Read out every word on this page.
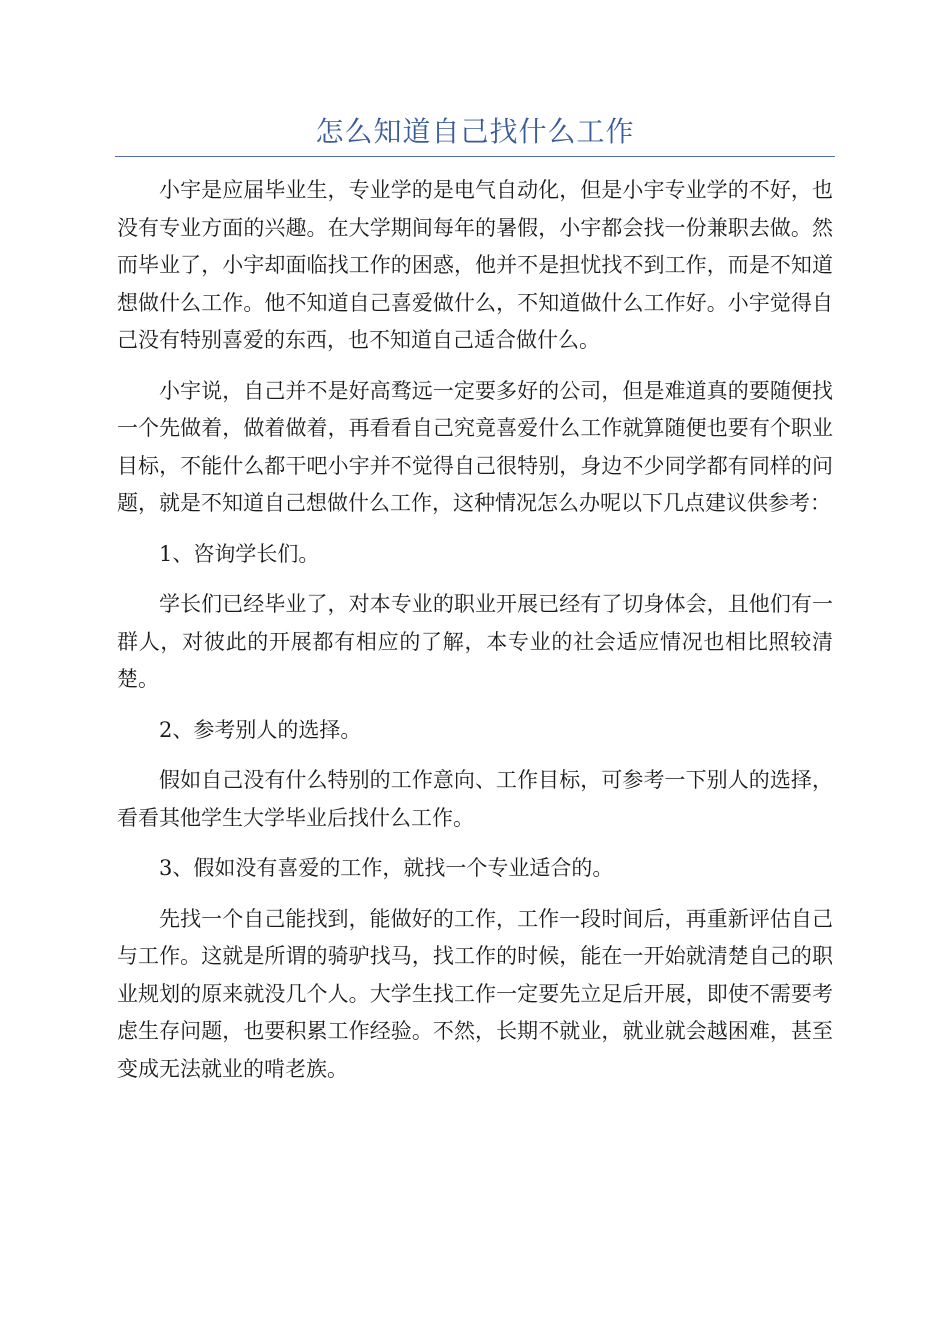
怎么知道自己找什么工作

小宇是应届毕业生，专业学的是电气自动化，但是小宇专业学的不好，也没有专业方面的兴趣。在大学期间每年的暑假，小宇都会找一份兼职去做。然而毕业了，小宇却面临找工作的困惑，他并不是担忧找不到工作，而是不知道想做什么工作。他不知道自己喜爱做什么，不知道做什么工作好。小宇觉得自己没有特别喜爱的东西，也不知道自己适合做什么。

小宇说，自己并不是好高骛远一定要多好的公司，但是难道真的要随便找一个先做着，做着做着，再看看自己究竟喜爱什么工作就算随便也要有个职业目标，不能什么都干吧小宇并不觉得自己很特别，身边不少同学都有同样的问题，就是不知道自己想做什么工作，这种情况怎么办呢以下几点建议供参考：

1、咨询学长们。

学长们已经毕业了，对本专业的职业开展已经有了切身体会，且他们有一群人，对彼此的开展都有相应的了解，本专业的社会适应情况也相比照较清楚。

2、参考别人的选择。

假如自己没有什么特别的工作意向、工作目标，可参考一下别人的选择，看看其他学生大学毕业后找什么工作。

3、假如没有喜爱的工作，就找一个专业适合的。

先找一个自己能找到，能做好的工作，工作一段时间后，再重新评估自己与工作。这就是所谓的骑驴找马，找工作的时候，能在一开始就清楚自己的职业规划的原来就没几个人。大学生找工作一定要先立足后开展，即使不需要考虑生存问题，也要积累工作经验。不然，长期不就业，就业就会越困难，甚至变成无法就业的啃老族。
